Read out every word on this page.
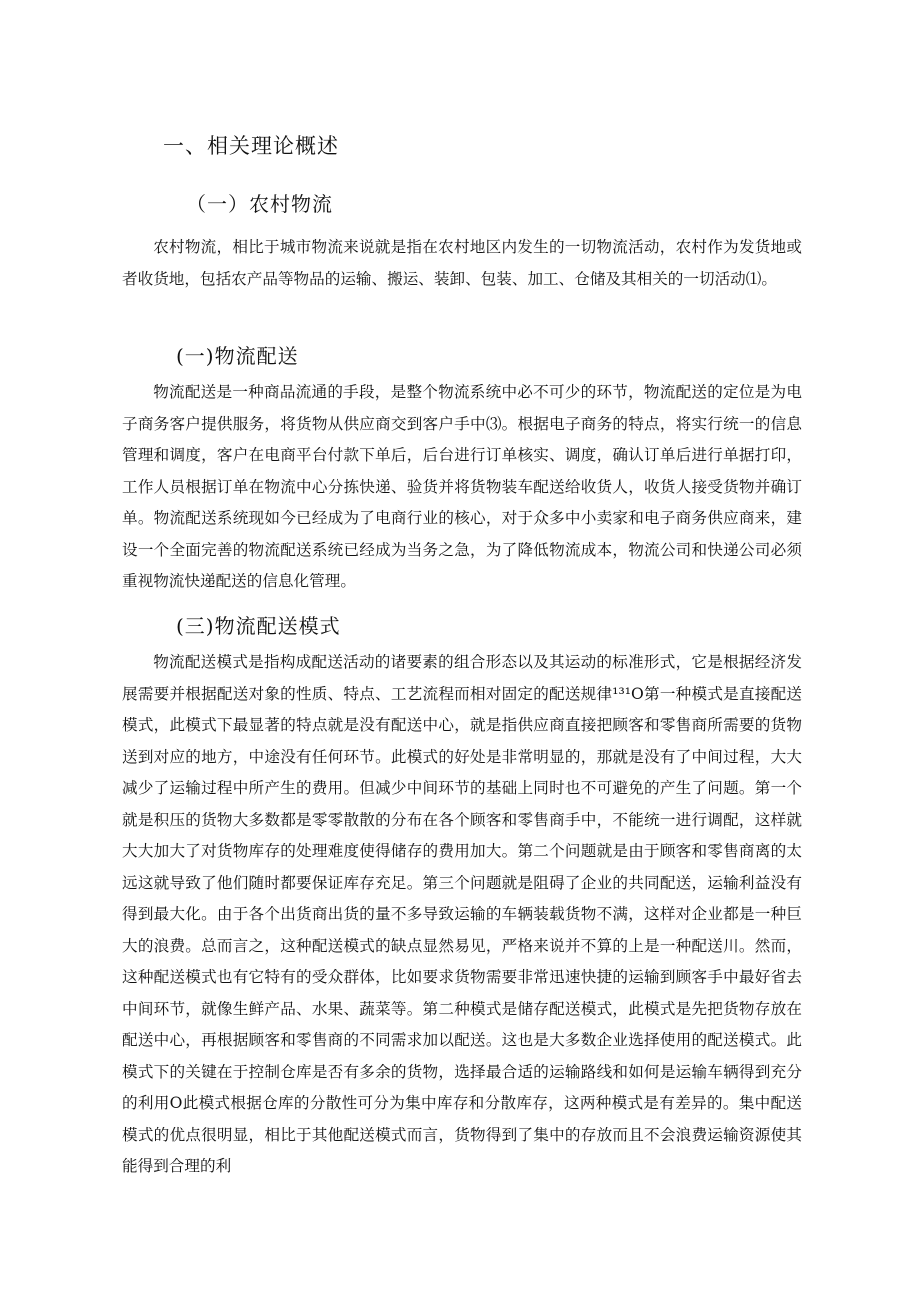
一、相关理论概述
（一）农村物流
农村物流，相比于城市物流来说就是指在农村地区内发生的一切物流活动，农村作为发货地或者收货地，包括农产品等物品的运输、搬运、装卸、包装、加工、仓储及其相关的一切活动⑴。
(一)物流配送
物流配送是一种商品流通的手段，是整个物流系统中必不可少的环节，物流配送的定位是为电子商务客户提供服务，将货物从供应商交到客户手中⑶。根据电子商务的特点，将实行统一的信息管理和调度，客户在电商平台付款下单后，后台进行订单核实、调度，确认订单后进行单据打印，工作人员根据订单在物流中心分拣快递、验货并将货物装车配送给收货人，收货人接受货物并确订单。物流配送系统现如今已经成为了电商行业的核心，对于众多中小卖家和电子商务供应商来，建设一个全面完善的物流配送系统已经成为当务之急，为了降低物流成本，物流公司和快递公司必须重视物流快递配送的信息化管理。
(三)物流配送模式
物流配送模式是指构成配送活动的诸要素的组合形态以及其运动的标准形式，它是根据经济发展需要并根据配送对象的性质、特点、工艺流程而相对固定的配送规律¹³¹O第一种模式是直接配送模式，此模式下最显著的特点就是没有配送中心，就是指供应商直接把顾客和零售商所需要的货物送到对应的地方，中途没有任何环节。此模式的好处是非常明显的，那就是没有了中间过程，大大减少了运输过程中所产生的费用。但减少中间环节的基础上同时也不可避免的产生了问题。第一个就是积压的货物大多数都是零零散散的分布在各个顾客和零售商手中，不能统一进行调配，这样就大大加大了对货物库存的处理难度使得储存的费用加大。第二个问题就是由于顾客和零售商离的太远这就导致了他们随时都要保证库存充足。第三个问题就是阻碍了企业的共同配送，运输利益没有得到最大化。由于各个出货商出货的量不多导致运输的车辆装载货物不满，这样对企业都是一种巨大的浪费。总而言之，这种配送模式的缺点显然易见，严格来说并不算的上是一种配送川。然而，这种配送模式也有它特有的受众群体，比如要求货物需要非常迅速快捷的运输到顾客手中最好省去中间环节，就像生鲜产品、水果、蔬菜等。第二种模式是储存配送模式，此模式是先把货物存放在配送中心，再根据顾客和零售商的不同需求加以配送。这也是大多数企业选择使用的配送模式。此模式下的关键在于控制仓库是否有多余的货物，选择最合适的运输路线和如何是运输车辆得到充分的利用O此模式根据仓库的分散性可分为集中库存和分散库存，这两种模式是有差异的。集中配送模式的优点很明显，相比于其他配送模式而言，货物得到了集中的存放而且不会浪费运输资源使其能得到合理的利
